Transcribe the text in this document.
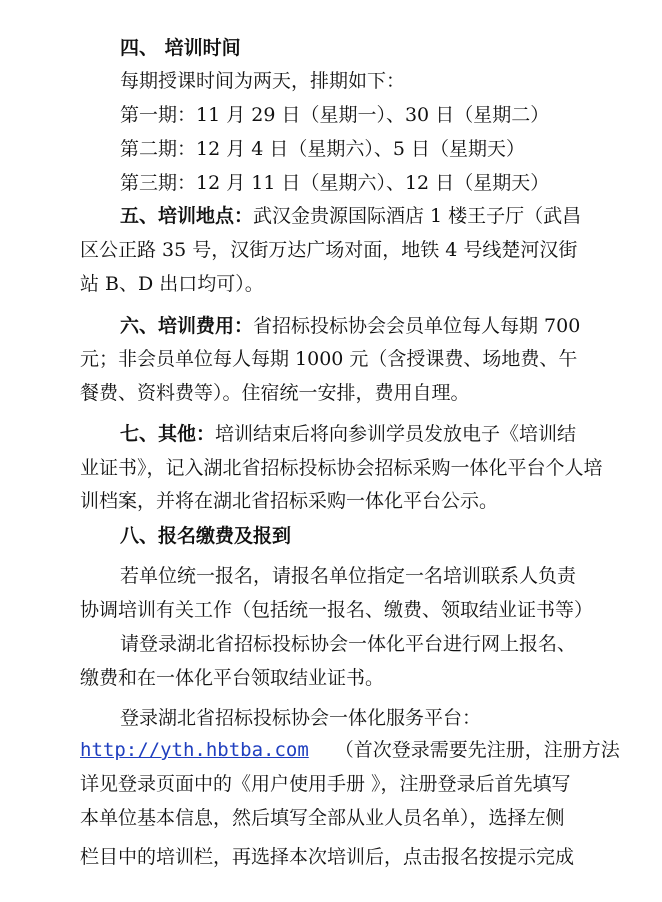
四、 培训时间
每期授课时间为两天，排期如下：
第一期：11 月 29 日（星期一）、30 日（星期二）
第二期：12 月 4 日（星期六）、5 日（星期天）
第三期：12 月 11 日（星期六）、12 日（星期天）
五、培训地点：武汉金贵源国际酒店 1 楼王子厅（武昌
区公正路 35 号，汉街万达广场对面，地铁 4 号线楚河汉街
站 B、D 出口均可）。
六、培训费用：省招标投标协会会员单位每人每期 700
元；非会员单位每人每期 1000 元（含授课费、场地费、午
餐费、资料费等）。住宿统一安排，费用自理。
七、其他：培训结束后将向参训学员发放电子《培训结
业证书》，记入湖北省招标投标协会招标采购一体化平台个人培
训档案，并将在湖北省招标采购一体化平台公示。
八、报名缴费及报到
若单位统一报名，请报名单位指定一名培训联系人负责
协调培训有关工作（包括统一报名、缴费、领取结业证书等）
请登录湖北省招标投标协会一体化平台进行网上报名、
缴费和在一体化平台领取结业证书。
登录湖北省招标投标协会一体化服务平台：
http://yth.hbtba.com （首次登录需要先注册，注册方法
详见登录页面中的《用户使用手册 》，注册登录后首先填写
本单位基本信息，然后填写全部从业人员名单），选择左侧
栏目中的培训栏，再选择本次培训后，点击报名按提示完成
